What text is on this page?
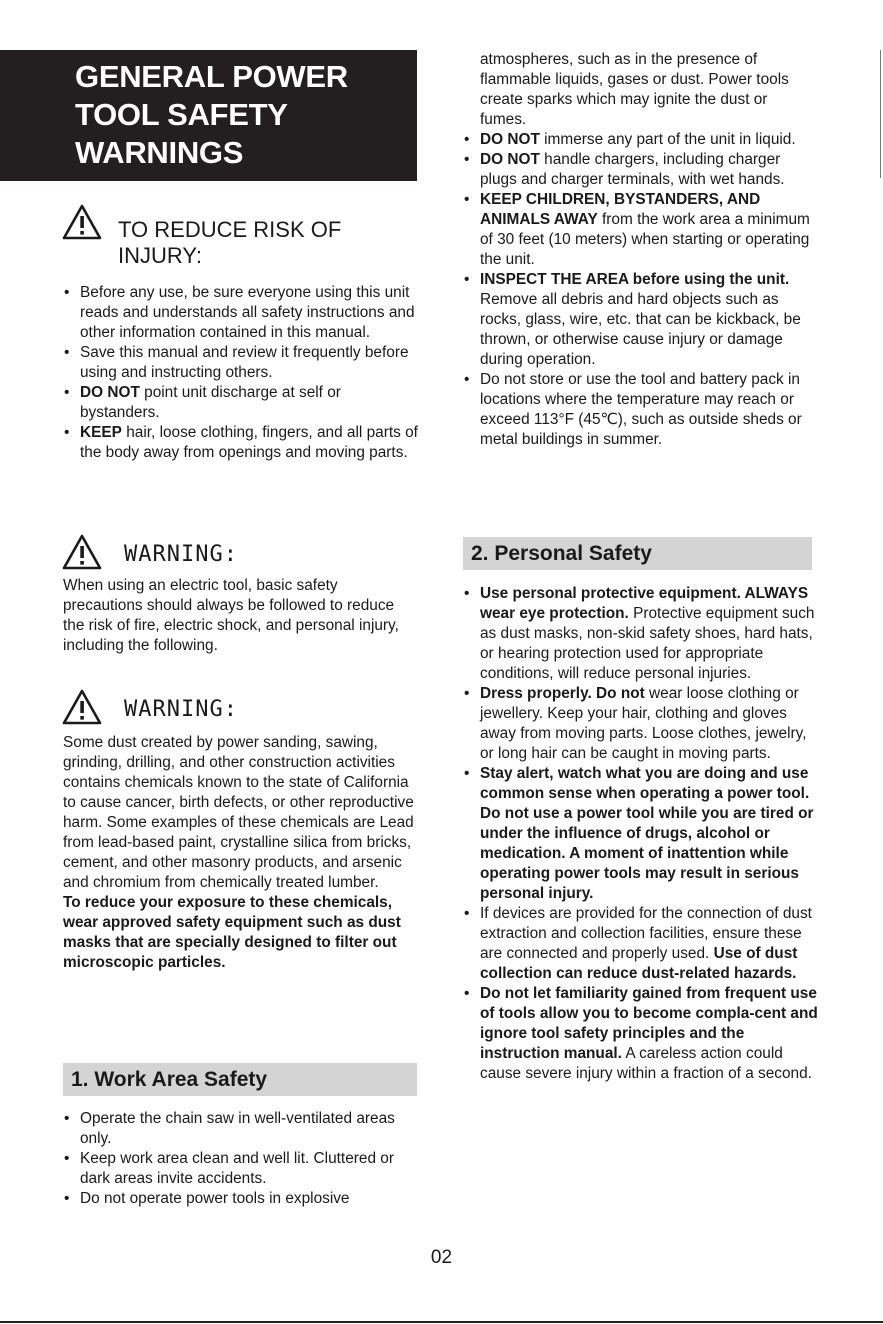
GENERAL POWER TOOL SAFETY WARNINGS
TO REDUCE RISK OF INJURY:
• Before any use, be sure everyone using this unit reads and understands all safety instructions and other information contained in this manual.
• Save this manual and review it frequently before using and instructing others.
• DO NOT point unit discharge at self or bystanders.
• KEEP hair, loose clothing, fingers, and all parts of the body away from openings and moving parts.
WARNING:

When using an electric tool, basic safety precautions should always be followed to reduce the risk of fire, electric shock, and personal injury, including the following.

WARNING:

Some dust created by power sanding, sawing, grinding, drilling, and other construction activities contains chemicals known to the state of California to cause cancer, birth defects, or other reproductive harm. Some examples of these chemicals are Lead from lead-based paint, crystalline silica from bricks, cement, and other masonry products, and arsenic and chromium from chemically treated lumber.

To reduce your exposure to these chemicals, wear approved safety equipment such as dust masks that are specially designed to filter out microscopic particles.

1. Work Area Safety
• Operate the chain saw in well-ventilated areas only.
• Keep work area clean and well lit. Cluttered or dark areas invite accidents.
• Do not operate power tools in explosive

atmospheres, such as in the presence of flammable liquids, gases or dust. Power tools create sparks which may ignite the dust or fumes.

• DO NOT immerse any part of the unit in liquid.
• DO NOT handle chargers, including charger plugs and charger terminals, with wet hands.
• KEEP CHILDREN, BYSTANDERS, AND ANIMALS AWAY from the work area a minimum of 30 feet (10 meters) when starting or operating the unit.
• INSPECT THE AREA before using the unit. Remove all debris and hard objects such as rocks, glass, wire, etc. that can be kickback, be thrown, or otherwise cause injury or damage during operation.
• Do not store or use the tool and battery pack in locations where the temperature may reach or exceed 113°F (45℃), such as outside sheds or metal buildings in summer.
2. Personal Safety
• Use personal protective equipment. ALWAYS wear eye protection. Protective equipment such as dust masks, non-skid safety shoes, hard hats, or hearing protection used for appropriate conditions, will reduce personal injuries.
• Dress properly. Do not wear loose clothing or jewellery. Keep your hair, clothing and gloves away from moving parts. Loose clothes, jewelry, or long hair can be caught in moving parts.
• Stay alert, watch what you are doing and use common sense when operating a power tool. Do not use a power tool while you are tired or under the influence of drugs, alcohol or medication. A moment of inattention while operating power tools may result in serious personal injury.
• If devices are provided for the connection of dust extraction and collection facilities, ensure these are connected and properly used. Use of dust collection can reduce dust-related hazards.
• Do not let familiarity gained from frequent use of tools allow you to become compla-cent and ignore tool safety principles and the instruction manual. A careless action could cause severe injury within a fraction of a second.
02
